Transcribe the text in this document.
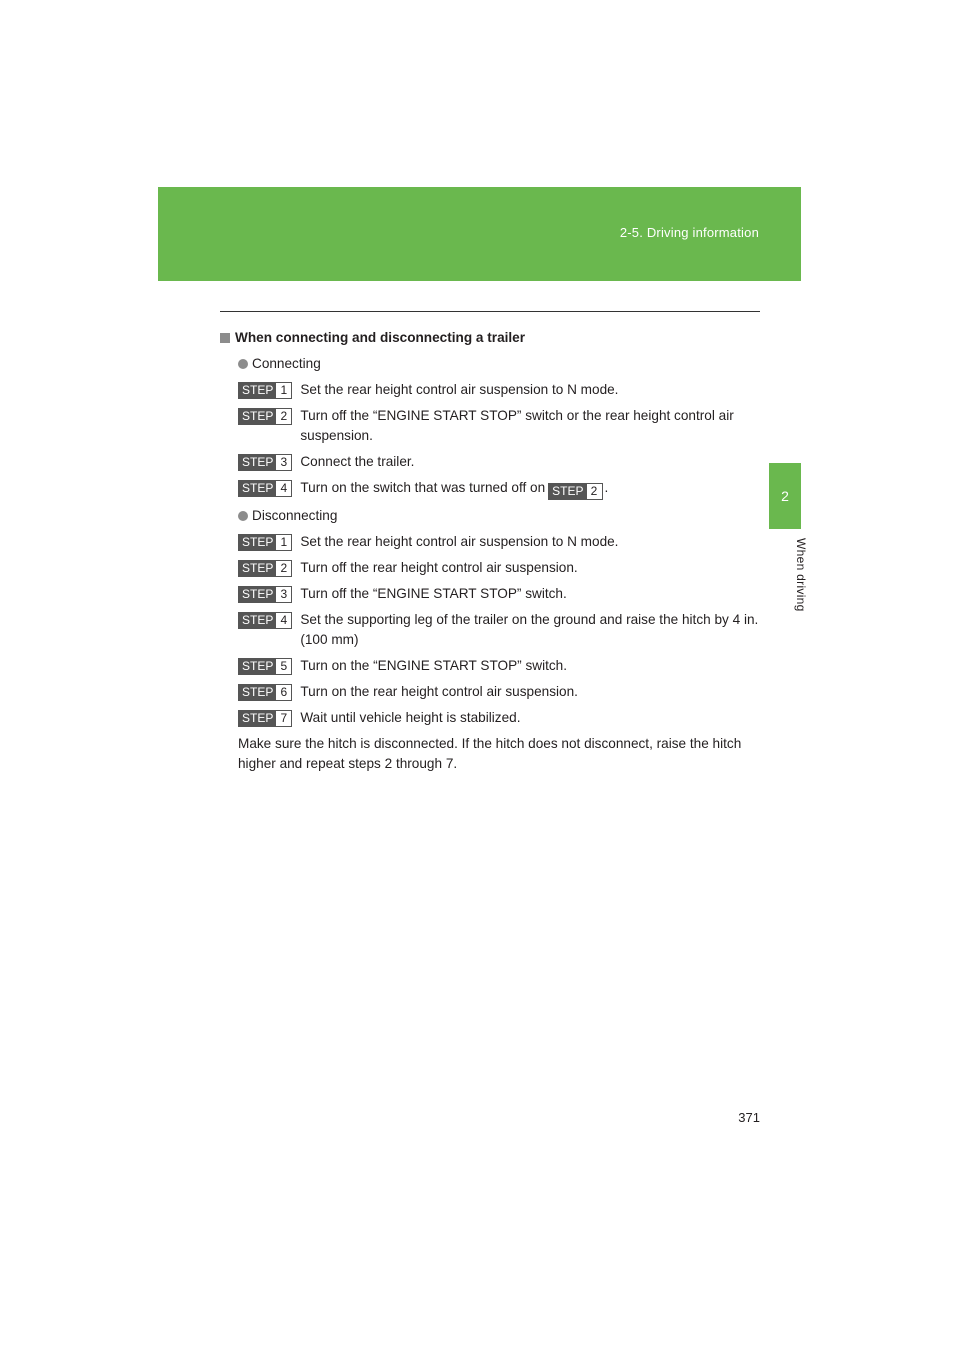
2-5. Driving information
2
When driving
When connecting and disconnecting a trailer
Connecting
STEP 1 Set the rear height control air suspension to N mode.
STEP 2 Turn off the “ENGINE START STOP” switch or the rear height control air suspension.
STEP 3 Connect the trailer.
STEP 4 Turn on the switch that was turned off on STEP 2 .
Disconnecting
STEP 1 Set the rear height control air suspension to N mode.
STEP 2 Turn off the rear height control air suspension.
STEP 3 Turn off the “ENGINE START STOP” switch.
STEP 4 Set the supporting leg of the trailer on the ground and raise the hitch by 4 in. (100 mm)
STEP 5 Turn on the “ENGINE START STOP” switch.
STEP 6 Turn on the rear height control air suspension.
STEP 7 Wait until vehicle height is stabilized.
Make sure the hitch is disconnected. If the hitch does not disconnect, raise the hitch higher and repeat steps 2 through 7.
371
